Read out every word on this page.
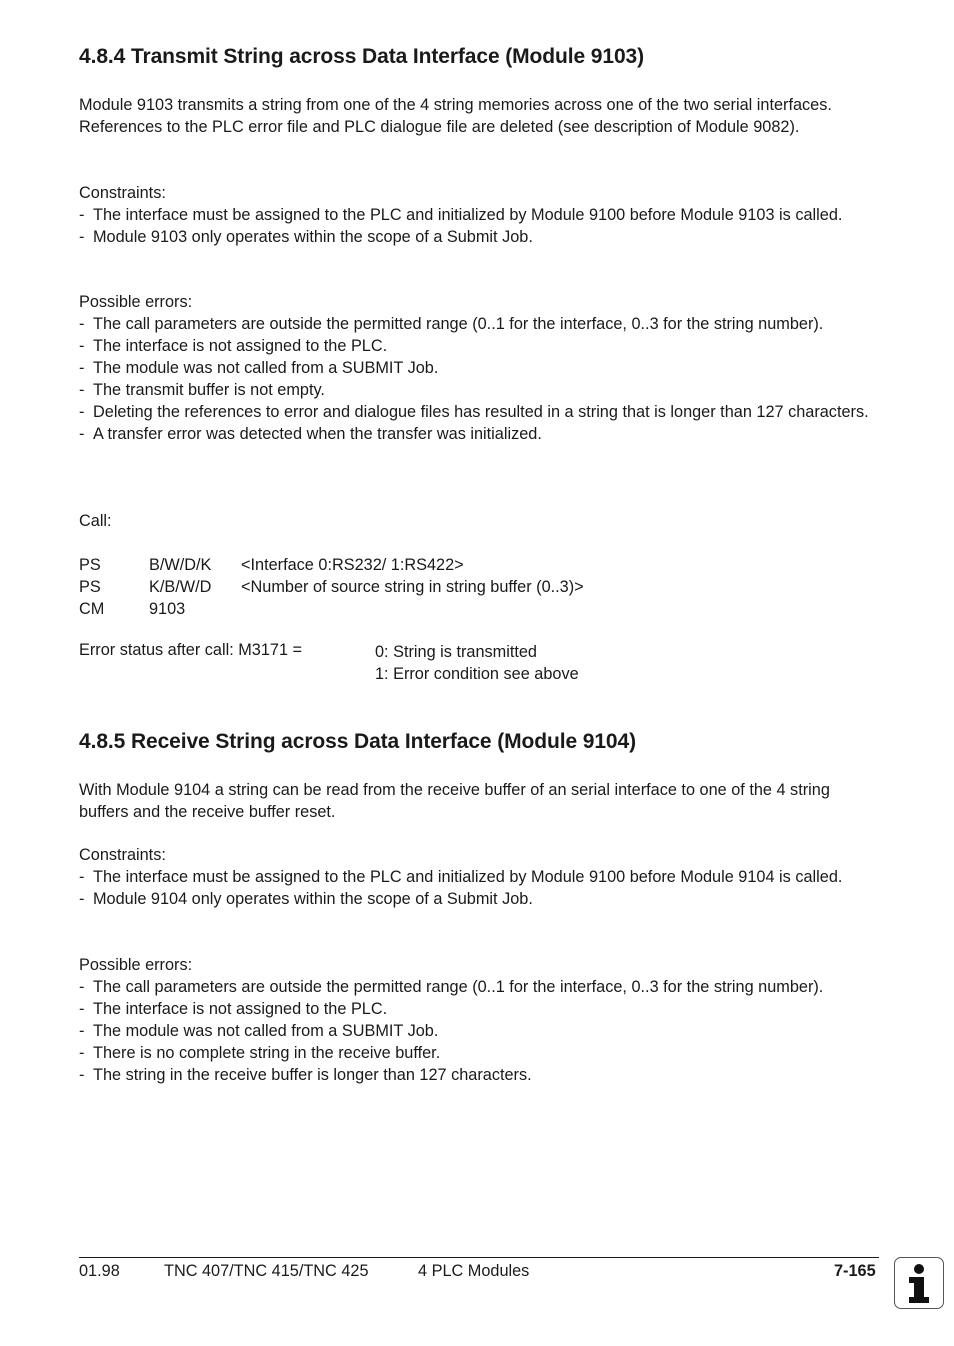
4.8.4 Transmit String across Data Interface (Module 9103)

Module 9103 transmits a string from one of the 4 string memories across one of the two serial interfaces. References to the PLC error file and PLC dialogue file are deleted (see description of Module 9082).

Constraints:

- The interface must be assigned to the PLC and initialized by Module 9100 before Module 9103 is called.
- Module 9103 only operates within the scope of a Submit Job.

Possible errors:

- The call parameters are outside the permitted range (0..1 for the interface, 0..3 for the string number).
- The interface is not assigned to the PLC.
- The module was not called from a SUBMIT Job.
- The transmit buffer is not empty.
- Deleting the references to error and dialogue files has resulted in a string that is longer than 127 characters.
- A transfer error was detected when the transfer was initialized.

Call:

PS	B/W/D/K <Interface 0:RS232/ 1:RS422>
PS	K/B/W/D <Number of source string in string buffer (0..3)>
CM	9103
Error status after call: M3171 =	0: String is transmitted
1: Error condition see above
4.8.5 Receive String across Data Interface (Module 9104)

With Module 9104 a string can be read from the receive buffer of an serial interface to one of the 4 string buffers and the receive buffer reset.

Constraints:

- The interface must be assigned to the PLC and initialized by Module 9100 before Module 9104 is called.
- Module 9104 only operates within the scope of a Submit Job.

Possible errors:

- The call parameters are outside the permitted range (0..1 for the interface, 0..3 for the string number).
- The interface is not assigned to the PLC.
- The module was not called from a SUBMIT Job.
- There is no complete string in the receive buffer.
- The string in the receive buffer is longer than 127 characters.
01.98	TNC 407/TNC 415/TNC 425	4 PLC Modules	7-165
